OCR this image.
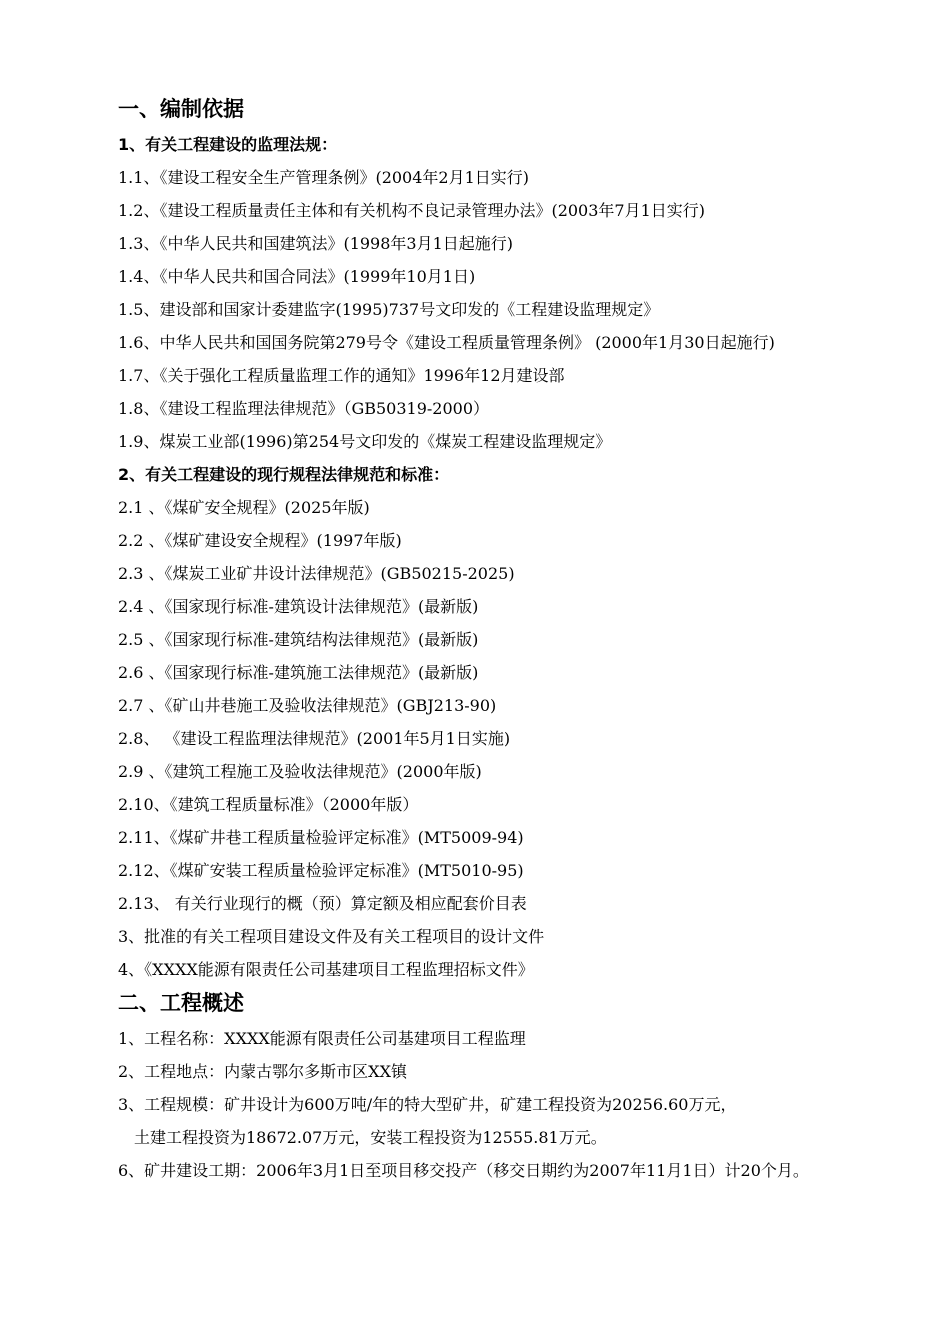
一、编制依据
1、有关工程建设的监理法规：
1.1、《建设工程安全生产管理条例》(2004年2月1日实行)
1.2、《建设工程质量责任主体和有关机构不良记录管理办法》(2003年7月1日实行)
1.3、《中华人民共和国建筑法》(1998年3月1日起施行)
1.4、《中华人民共和国合同法》(1999年10月1日)
1.5、建设部和国家计委建监字(1995)737号文印发的《工程建设监理规定》
1.6、中华人民共和国国务院第279号令《建设工程质量管理条例》 (2000年1月30日起施行)
1.7、《关于强化工程质量监理工作的通知》1996年12月建设部
1.8、《建设工程监理法律规范》（GB50319-2000）
1.9、煤炭工业部(1996)第254号文印发的《煤炭工程建设监理规定》
2、有关工程建设的现行规程法律规范和标准：
2.1 、《煤矿安全规程》(2025年版)
2.2 、《煤矿建设安全规程》(1997年版)
2.3 、《煤炭工业矿井设计法律规范》(GB50215-2025)
2.4 、《国家现行标准-建筑设计法律规范》(最新版)
2.5 、《国家现行标准-建筑结构法律规范》(最新版)
2.6 、《国家现行标准-建筑施工法律规范》(最新版)
2.7 、《矿山井巷施工及验收法律规范》(GBJ213-90)
2.8、 《建设工程监理法律规范》(2001年5月1日实施)
2.9 、《建筑工程施工及验收法律规范》(2000年版)
2.10、《建筑工程质量标准》（2000年版）
2.11、《煤矿井巷工程质量检验评定标准》(MT5009-94)
2.12、《煤矿安装工程质量检验评定标准》(MT5010-95)
2.13、 有关行业现行的概（预）算定额及相应配套价目表
3、批准的有关工程项目建设文件及有关工程项目的设计文件
4、《XXXX能源有限责任公司基建项目工程监理招标文件》
二、工程概述
1、工程名称：XXXX能源有限责任公司基建项目工程监理
2、工程地点：内蒙古鄂尔多斯市区XX镇
3、工程规模：矿井设计为600万吨/年的特大型矿井，矿建工程投资为20256.60万元，
土建工程投资为18672.07万元，安装工程投资为12555.81万元。
6、矿井建设工期：2006年3月1日至项目移交投产（移交日期约为2007年11月1日）计20个月。
